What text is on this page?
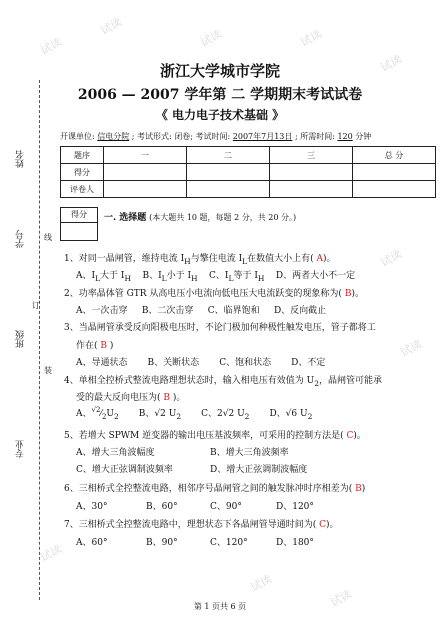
试读
试读
试读	试读
试读
试读
试读
试读
试读
试读
姓名
学号
班级
专业
线
订
装
浙江大学城市学院
2006 — 2007 学年第 二 学期期末考试试卷
《 电力电子技术基础 》
开课单位: 信电分院 ; 考试形式: 闭卷; 考试时间: 2007年7月13日 ; 所需时间: 120 分钟
题序	一	二	三	总 分
得分				
评卷人				
得分	一. 选择题 (本大题共 10 题，每题 2 分，共 20 分。)
1、对同一晶闸管，维持电流 $I_H$与擎住电流 $I_L$在数值大小上有( A)。
A、$I_L$大于 $I_H$ B、$I_L$小于 $I_H$ C、$I_L$等于 $I_H$ D、两者大小不一定
2、功率晶体管 GTR 从高电压小电流向低电压大电流跃变的现象称为( B)。
A、一次击穿 B、二次击穿 C、临界饱和 D、反向截止
3、当晶闸管承受反向阳极电压时，不论门极加何种极性触发电压，管子都将工
作在( B )
A、导通状态 B、关断状态 C、饱和状态 D、不定
4、单相全控桥式整流电路理想状态时，输入相电压有效值为 $U_2$，晶闸管可能承
受的最大反向电压为( B )。
A、$^{√2}⁄_2U_2$       B、√2 $U_2$       C、2√2 $U_2$       D、√6 $U_2$
5、若增大 SPWM 逆变器的输出电压基波频率，可采用的控制方法是( C)。
A、增大三角波幅度	B、增大三角波频率
C、增大正弦调制波频率	D、增大正弦调制波幅度
6、三相桥式全控整流电路，相邻序号晶闸管之间的触发脉冲时序相差为( B)
A、30°	B、60°	C、90°	D、120°
7、三相桥式全控整流电路中，理想状态下各晶闸管导通时间为( C)。
A、60°	B、90°	C、120°	D、180°
第 1 页共 6 页
